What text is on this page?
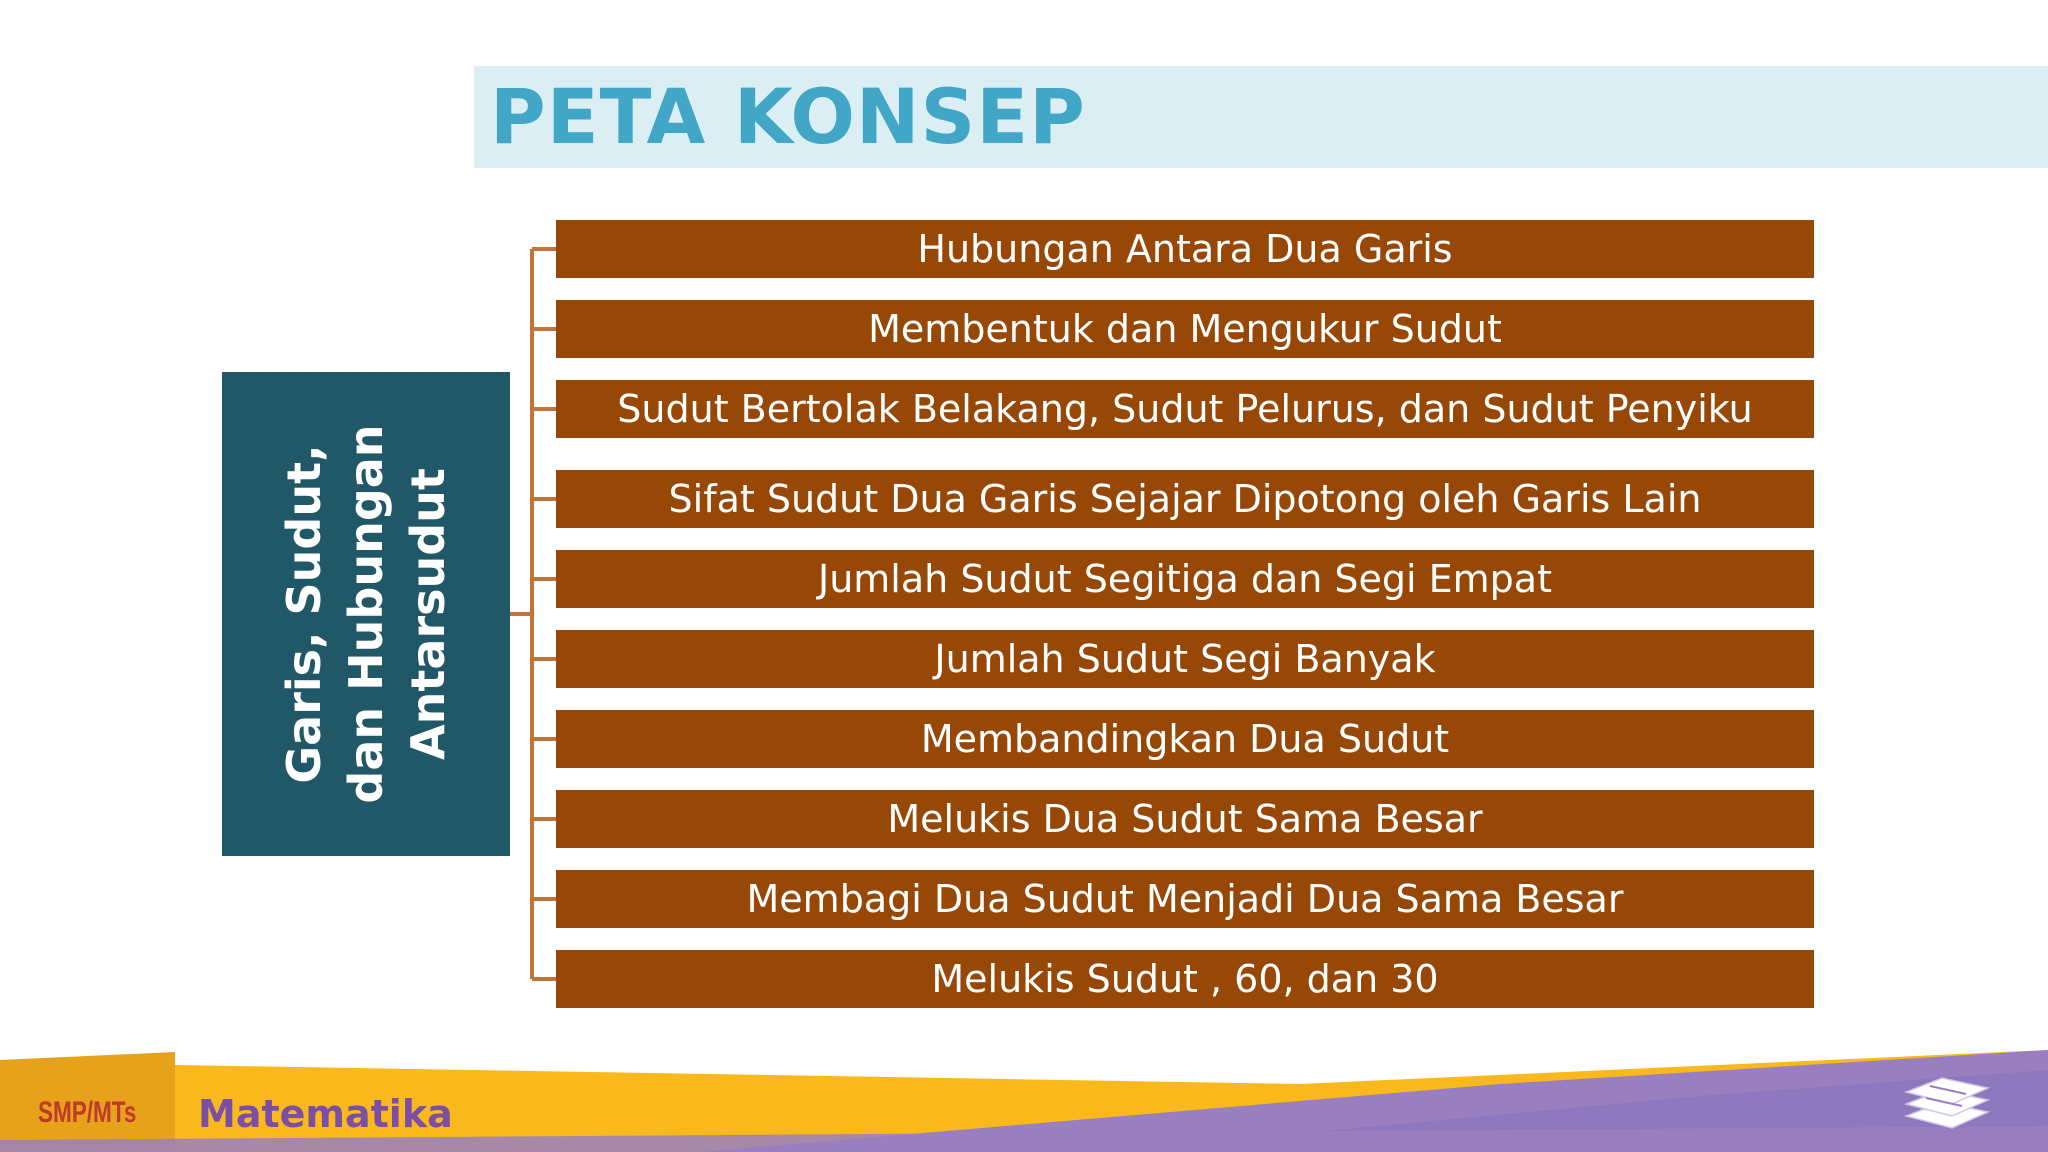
PETA KONSEP
Garis, Sudut, dan Hubungan Antarsudut
Hubungan Antara Dua Garis
Membentuk dan Mengukur Sudut
Sudut Bertolak Belakang, Sudut Pelurus, dan Sudut Penyiku
Sifat Sudut Dua Garis Sejajar Dipotong oleh Garis Lain
Jumlah Sudut Segitiga dan Segi Empat
Jumlah Sudut Segi Banyak
Membandingkan Dua Sudut
Melukis Dua Sudut Sama Besar
Membagi Dua Sudut Menjadi Dua Sama Besar
Melukis Sudut , 60, dan 30
SMP/MTs Matematika
